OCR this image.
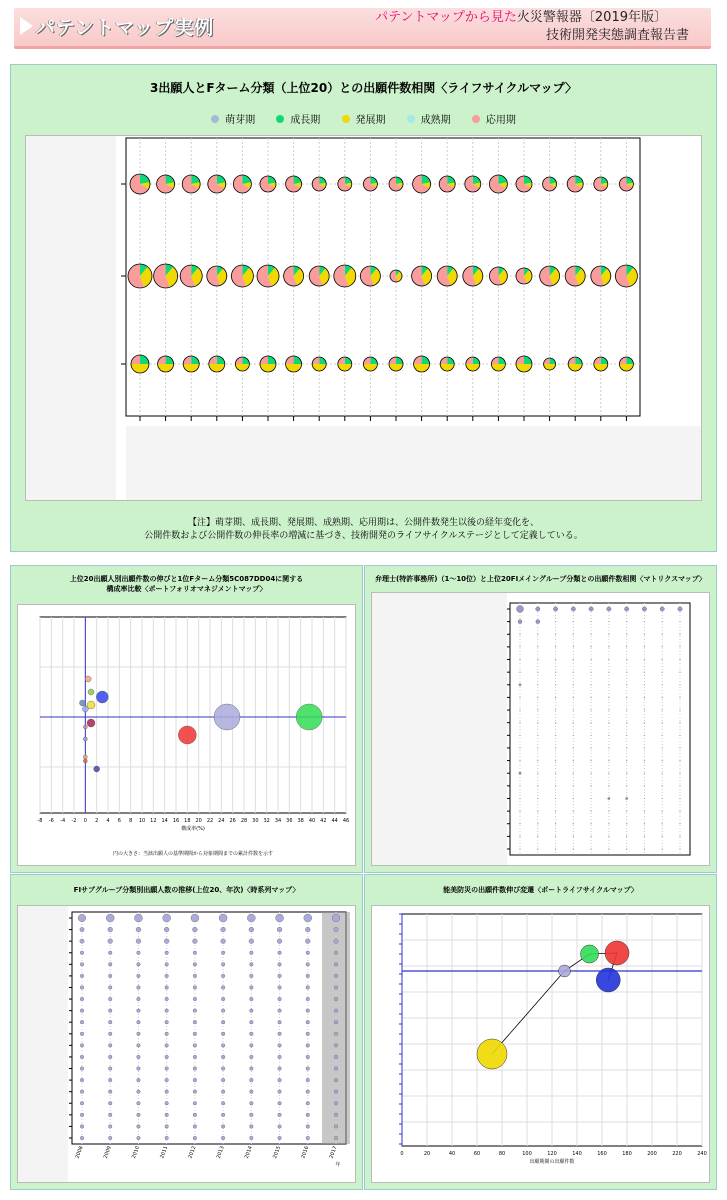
パテントマップ実例	パテントマップから見た火災警報器〔2019年版〕
技術開発実態調査報告書
3出願人とFターム分類（上位20）との出願件数相関〈ライフサイクルマップ〉
萌芽期	成長期	発展期	成熟期	応用期
【注】萌芽期、成長期、発展期、成熟期、応用期は、公開件数発生以後の経年変化を、
公開件数および公開件数の伸長率の増減に基づき、技術開発のライフサイクルステージとして定義している。
上位20出願人別出願件数の伸びと1位Fターム分類5C087DD04に関する
構成率比較〈ポートフォリオマネジメントマップ〉
-8 -6 -4 -2 0 2 4 6 8 10 12 14 16 18 20 22 24 26 28 30 32 34 36 38 40 42 44 46
構成率(%)
円の大きさ：当該出願人の基準期間から対象期間までの累計件数を示す
弁理士(特許事務所)（1〜10位）と上位20FIメイングループ分類との出願件数相関〈マトリクスマップ〉
FIサブグループ分類別出願人数の推移(上位20、年次)〈時系列マップ〉
2008	2009	2010	2011	2012	2013	2014	2015	2016	2017
年
能美防災の出願件数伸び変遷〈ポートライフサイクルマップ〉
0	20	40	60	80	100	120	140	160	180	200	220	240
出願期間の出願件数
